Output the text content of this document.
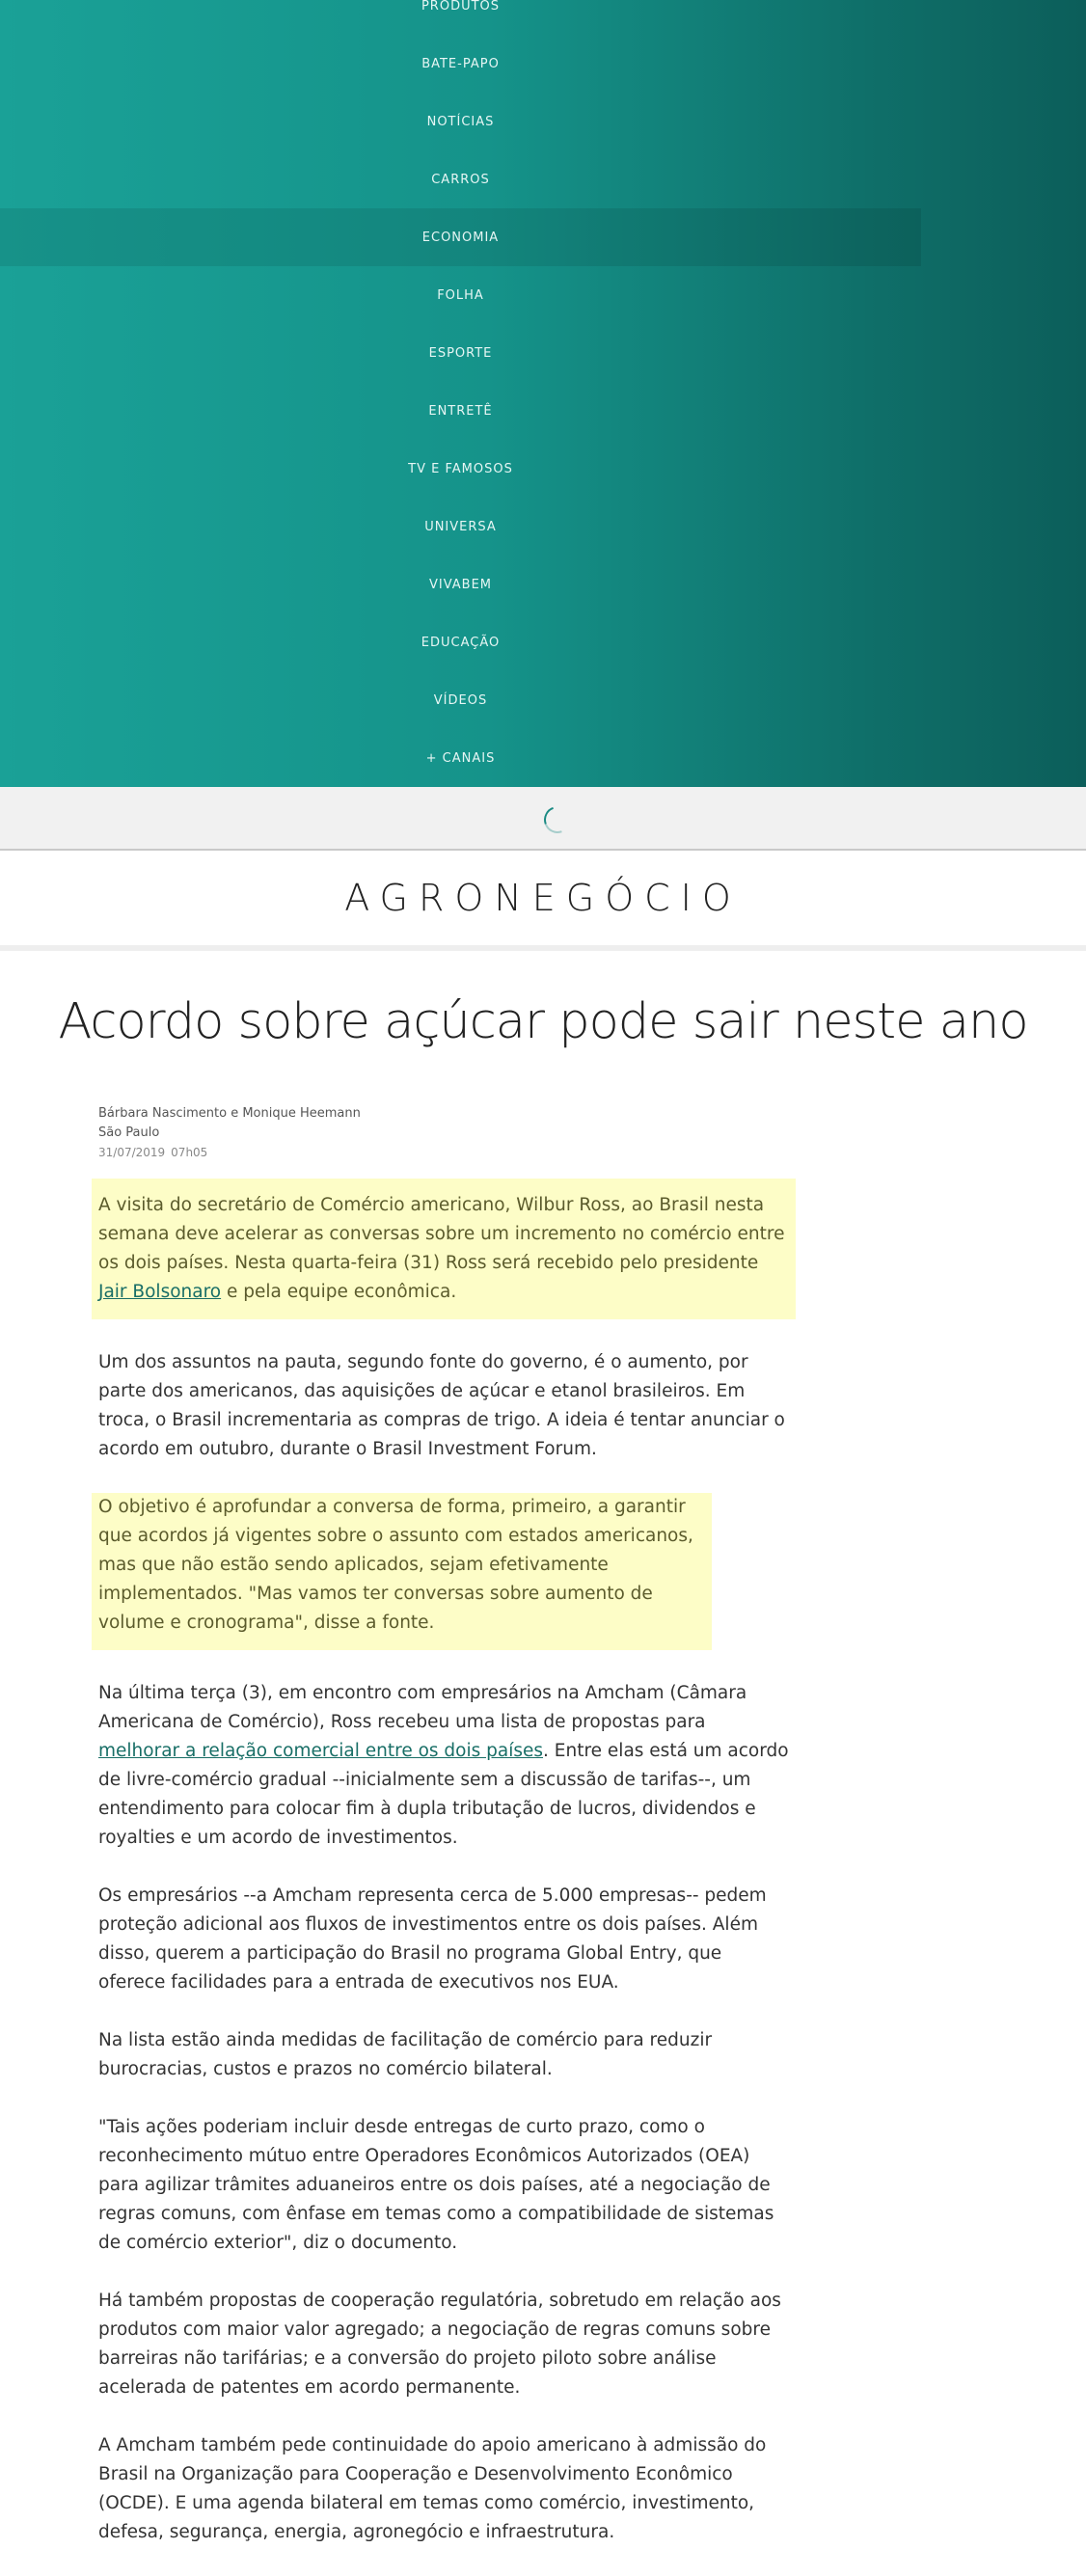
PRODUTOS
BATE-PAPO
NOTÍCIAS
CARROS
ECONOMIA
FOLHA
ESPORTE
ENTRETÊ
TV E FAMOSOS
UNIVERSA
VIVABEM
EDUCAÇÃO
VÍDEOS
+ CANAIS
AGRONEGÓCIO
Acordo sobre açúcar pode sair neste ano
Bárbara Nascimento e Monique Heemann
São Paulo
31/07/2019 07h05

A visita do secretário de Comércio americano, Wilbur Ross, ao Brasil nesta semana deve acelerar as conversas sobre um incremento no comércio entre os dois países. Nesta quarta-feira (31) Ross será recebido pelo presidente Jair Bolsonaro e pela equipe econômica.

Um dos assuntos na pauta, segundo fonte do governo, é o aumento, por parte dos americanos, das aquisições de açúcar e etanol brasileiros. Em troca, o Brasil incrementaria as compras de trigo. A ideia é tentar anunciar o acordo em outubro, durante o Brasil Investment Forum.

O objetivo é aprofundar a conversa de forma, primeiro, a garantir que acordos já vigentes sobre o assunto com estados americanos, mas que não estão sendo aplicados, sejam efetivamente implementados. "Mas vamos ter conversas sobre aumento de volume e cronograma", disse a fonte.

Na última terça (3), em encontro com empresários na Amcham (Câmara Americana de Comércio), Ross recebeu uma lista de propostas para melhorar a relação comercial entre os dois países. Entre elas está um acordo de livre-comércio gradual --inicialmente sem a discussão de tarifas--, um entendimento para colocar fim à dupla tributação de lucros, dividendos e royalties e um acordo de investimentos.

Os empresários --a Amcham representa cerca de 5.000 empresas-- pedem proteção adicional aos fluxos de investimentos entre os dois países. Além disso, querem a participação do Brasil no programa Global Entry, que oferece facilidades para a entrada de executivos nos EUA.

Na lista estão ainda medidas de facilitação de comércio para reduzir burocracias, custos e prazos no comércio bilateral.

"Tais ações poderiam incluir desde entregas de curto prazo, como o reconhecimento mútuo entre Operadores Econômicos Autorizados (OEA) para agilizar trâmites aduaneiros entre os dois países, até a negociação de regras comuns, com ênfase em temas como a compatibilidade de sistemas de comércio exterior", diz o documento.

Há também propostas de cooperação regulatória, sobretudo em relação aos produtos com maior valor agregado; a negociação de regras comuns sobre barreiras não tarifárias; e a conversão do projeto piloto sobre análise acelerada de patentes em acordo permanente.

A Amcham também pede continuidade do apoio americano à admissão do Brasil na Organização para Cooperação e Desenvolvimento Econômico (OCDE). E uma agenda bilateral em temas como comércio, investimento, defesa, segurança, energia, agronegócio e infraestrutura.
